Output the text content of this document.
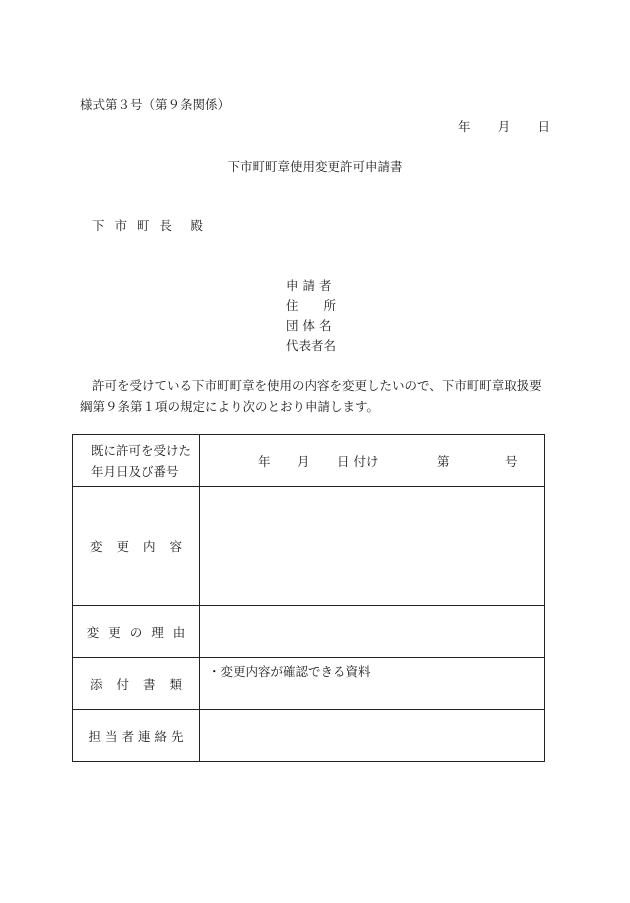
様式第３号（第９条関係）
年 月 日
下市町町章使用変更許可申請書
下 市 町 長　殿
申 請 者
住　　所
団 体 名
代表者名
許可を受けている下市町町章を使用の内容を変更したいので、下市町町章取扱要綱第９条第１項の規定により次のとおり申請します。
既に許可を受けた
年月日及び番号	年 月 日 付け 第 号

変更内容	
変更の理由	
添付書類	・変更内容が確認できる資料

担当者連絡先	
